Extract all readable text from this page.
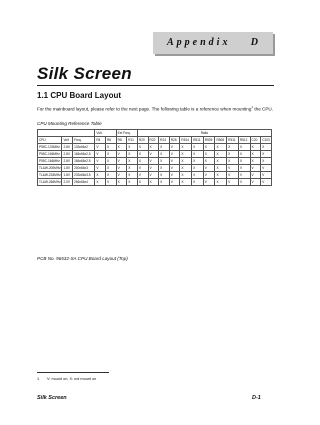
Appendix D
Silk Screen
1.1 CPU Board Layout

For the mainboard layout, please refer to the next page. The following table is a reference when mounting$^1$ the CPU.

CPU Mounting Reference Table
			Volt.		Ext Freq.		Ratio											
CPU	Volt	Freq.	R4	R6	R8	R11	R20	R22	R24	R26	R514	R511	R509	R508	R511	R512	C20	C203
P55C-133MHz	2.8V	133x66x2	V	X	X	X	X	X	X	V	X	X	X	X	X	X	X	X
P55C-166MHz	2.8V	166x66x2.5	V	X	V	X	X	V	X	V	X	X	X	X	X	X	X	X
P55C-166MHz	2.8V	166x66x2.5	V	X	V	X	X	V	X	V	X	X	X	X	X	X	X	X
TL&W-200MHz	1.8V	200x66x3	V	X	V	X	V	V	X	V	X	X	V	X	V	V	V	V
TL&W-233MHz	1.8V	233x66x3.5	X	X	V	X	V	V	X	V	X	X	V	X	V	V	V	V
TL&W-266MHz	2.0V	266x66x4	X	V	X	X	X	X	X	V	X	X	V	X	V	V	V	V
PCB No. 96532-SA CPU Board Layout (Top)
1 V: mount on; X: not mount on
Silk Screen	D-1
